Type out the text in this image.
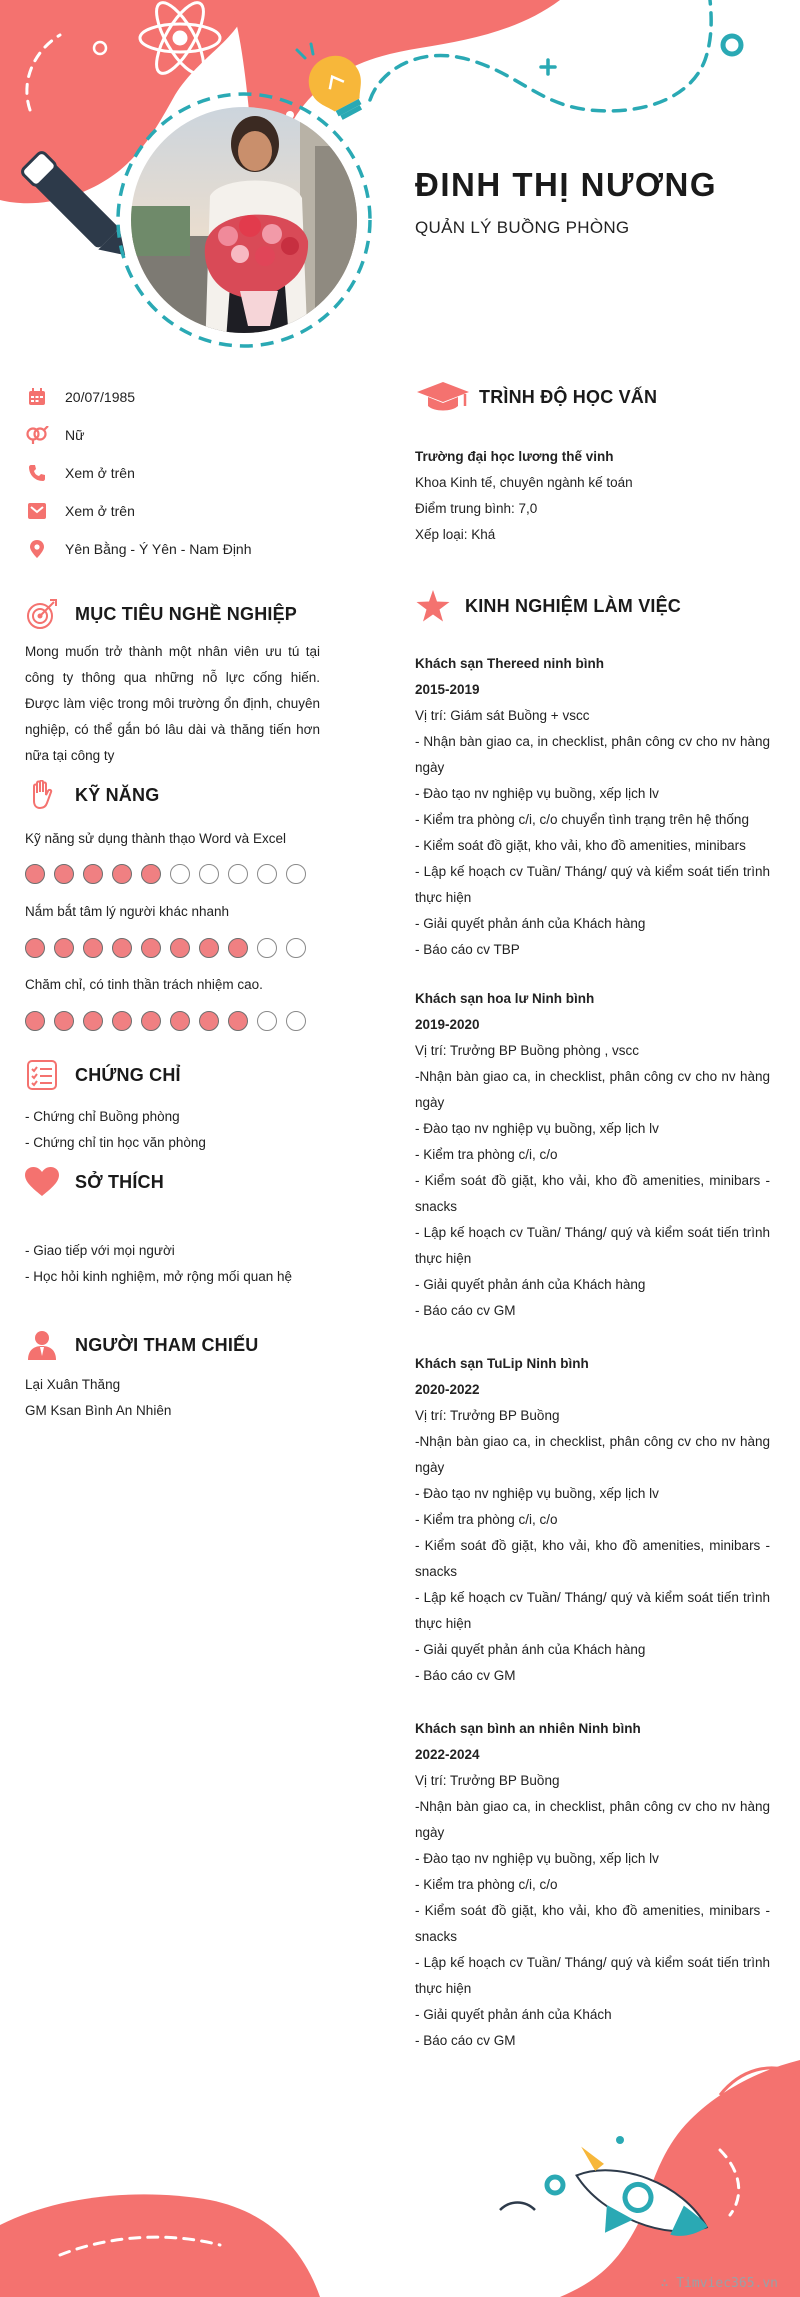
ĐINH THỊ NƯƠNG
QUẢN LÝ BUỒNG PHÒNG
20/07/1985
Nữ
Xem ở trên
Xem ở trên
Yên Bằng - Ý Yên - Nam Định
MỤC TIÊU NGHỀ NGHIỆP
Mong muốn trở thành một nhân viên ưu tú tại công ty thông qua những nỗ lực cống hiến. Được làm việc trong môi trường ổn định, chuyên nghiệp, có thể gắn bó lâu dài và thăng tiến hơn nữa tại công ty
KỸ NĂNG
Kỹ năng sử dụng thành thạo Word và Excel
Nắm bắt tâm lý người khác nhanh
Chăm chỉ, có tinh thần trách nhiệm cao.
CHỨNG CHỈ
- Chứng chỉ Buồng phòng
- Chứng chỉ tin học văn phòng
SỞ THÍCH
- Giao tiếp với mọi người
- Học hỏi kinh nghiệm, mở rộng mối quan hệ
NGƯỜI THAM CHIẾU
Lại Xuân Thăng
GM Ksan Bình An Nhiên
TRÌNH ĐỘ HỌC VẤN
Trường đại học lương thế vinh
Khoa Kinh tế, chuyên ngành kế toán
Điểm trung bình: 7,0
Xếp loại: Khá
KINH NGHIỆM LÀM VIỆC
Khách sạn Thereed ninh bình
2015-2019
Vị trí: Giám sát Buồng + vscc
- Nhận bàn giao ca, in checklist, phân công cv cho nv hàng ngày
- Đào tạo nv nghiệp vụ buồng, xếp lịch lv
- Kiểm tra phòng c/i, c/o chuyển tình trạng trên hệ thống
- Kiểm soát đồ giặt, kho vải, kho đồ amenities, minibars
- Lập kế hoạch cv Tuần/ Tháng/ quý và kiểm soát tiến trình thực hiện
- Giải quyết phản ánh của Khách hàng
- Báo cáo cv TBP
Khách sạn hoa lư Ninh bình
2019-2020
Vị trí: Trưởng BP Buồng phòng , vscc
-Nhận bàn giao ca, in checklist, phân công cv cho nv hàng ngày
- Đào tạo nv nghiệp vụ buồng, xếp lịch lv
- Kiểm tra phòng c/i, c/o
- Kiểm soát đồ giặt, kho vải, kho đồ amenities, minibars - snacks
- Lập kế hoạch cv Tuần/ Tháng/ quý và kiểm soát tiến trình thực hiện
- Giải quyết phản ánh của Khách hàng
- Báo cáo cv GM
Khách sạn TuLip Ninh bình
2020-2022
Vị trí: Trưởng BP Buồng
-Nhận bàn giao ca, in checklist, phân công cv cho nv hàng ngày
- Đào tạo nv nghiệp vụ buồng, xếp lịch lv
- Kiểm tra phòng c/i, c/o
- Kiểm soát đồ giặt, kho vải, kho đồ amenities, minibars - snacks
- Lập kế hoạch cv Tuần/ Tháng/ quý và kiểm soát tiến trình thực hiện
- Giải quyết phản ánh của Khách hàng
- Báo cáo cv GM
Khách sạn bình an nhiên Ninh bình
2022-2024
Vị trí: Trưởng BP Buồng
-Nhận bàn giao ca, in checklist, phân công cv cho nv hàng ngày
- Đào tạo nv nghiệp vụ buồng, xếp lịch lv
- Kiểm tra phòng c/i, c/o
- Kiểm soát đồ giặt, kho vải, kho đồ amenities, minibars - snacks
- Lập kế hoạch cv Tuần/ Tháng/ quý và kiểm soát tiến trình thực hiện
- Giải quyết phản ánh của Khách
- Báo cáo cv GM
∴ Timviec365.vn
